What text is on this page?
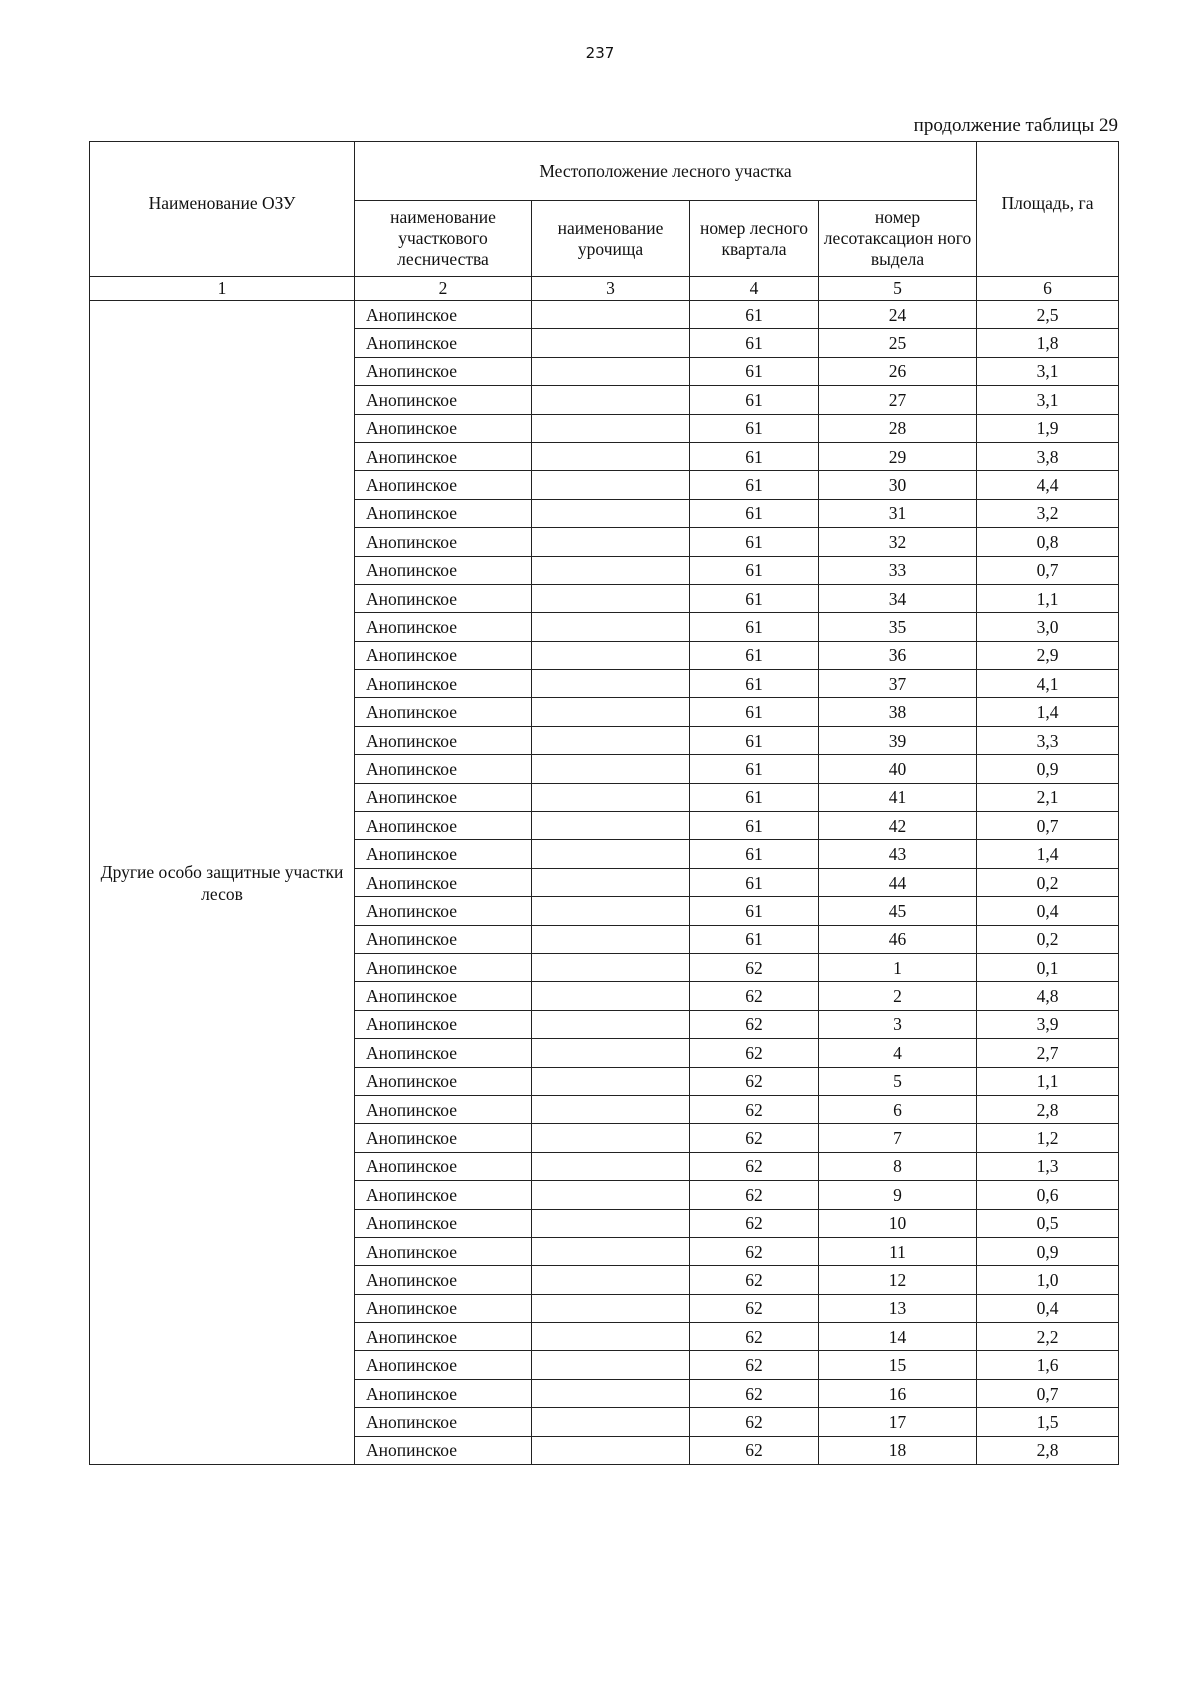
237
продолжение таблицы 29
Наименование ОЗУ	Местоположение лесного участка				Площадь, га
	наименование участкового лесничества	наименование урочища	номер лесного квартала	номер лесотаксацион ного выдела	
1	2	3	4	5	6
Другие особо защитные участки лесов	Анопинское		61	24	2,5
	Анопинское		61	25	1,8
	Анопинское		61	26	3,1
	Анопинское		61	27	3,1
	Анопинское		61	28	1,9
	Анопинское		61	29	3,8
	Анопинское		61	30	4,4
	Анопинское		61	31	3,2
	Анопинское		61	32	0,8
	Анопинское		61	33	0,7
	Анопинское		61	34	1,1
	Анопинское		61	35	3,0
	Анопинское		61	36	2,9
	Анопинское		61	37	4,1
	Анопинское		61	38	1,4
	Анопинское		61	39	3,3
	Анопинское		61	40	0,9
	Анопинское		61	41	2,1
	Анопинское		61	42	0,7
	Анопинское		61	43	1,4
	Анопинское		61	44	0,2
	Анопинское		61	45	0,4
	Анопинское		61	46	0,2
	Анопинское		62	1	0,1
	Анопинское		62	2	4,8
	Анопинское		62	3	3,9
	Анопинское		62	4	2,7
	Анопинское		62	5	1,1
	Анопинское		62	6	2,8
	Анопинское		62	7	1,2
	Анопинское		62	8	1,3
	Анопинское		62	9	0,6
	Анопинское		62	10	0,5
	Анопинское		62	11	0,9
	Анопинское		62	12	1,0
	Анопинское		62	13	0,4
	Анопинское		62	14	2,2
	Анопинское		62	15	1,6
	Анопинское		62	16	0,7
	Анопинское		62	17	1,5
	Анопинское		62	18	2,8
